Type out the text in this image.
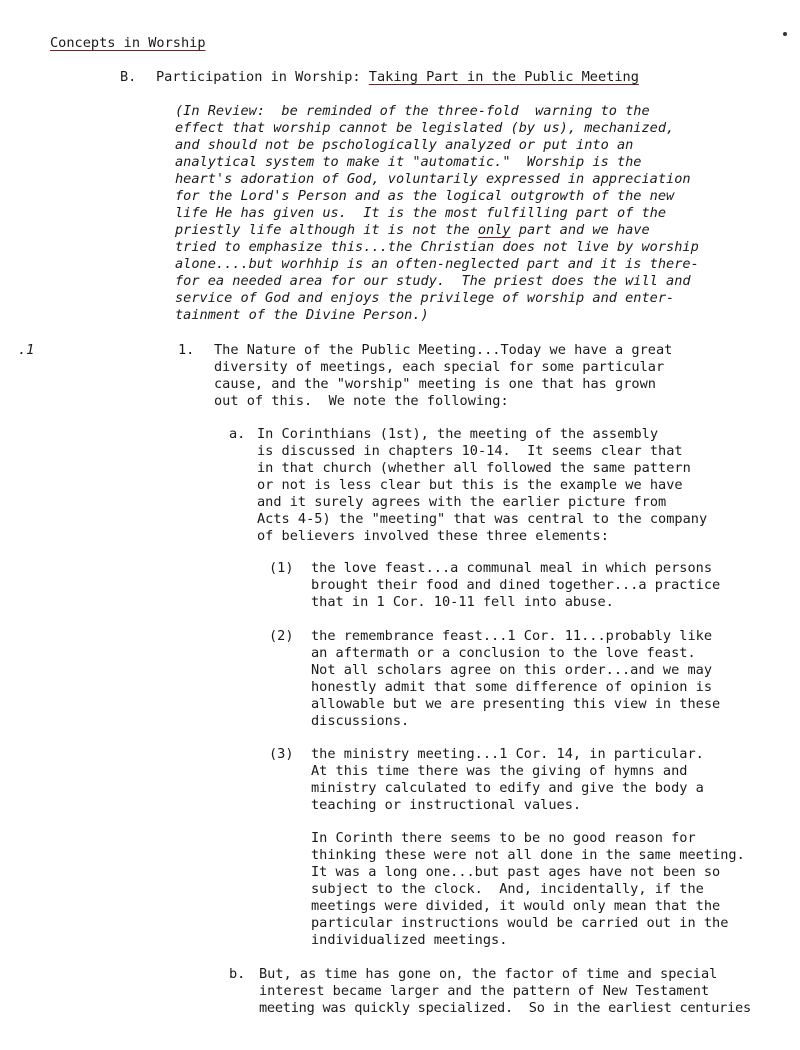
Concepts in Worship
B. Participation in Worship: Taking Part in the Public Meeting
(In Review:  be reminded of the three-fold  warning to the
effect that worship cannot be legislated (by us), mechanized,
and should not be pschologically analyzed or put into an
analytical system to make it "automatic."  Worship is the
heart's adoration of God, voluntarily expressed in appreciation
for the Lord's Person and as the logical outgrowth of the new
life He has given us.  It is the most fulfilling part of the
priestly life although it is not the only part and we have
tried to emphasize this...the Christian does not live by worship
alone....but worhhip is an often-neglected part and it is there-
for ea needed area for our study.  The priest does the will and
service of God and enjoys the privilege of worship and enter-
tainment of the Divine Person.)
.1	1. The Nature of the Public Meeting...Today we have a great
diversity of meetings, each special for some particular
cause, and the "worship" meeting is one that has grown
out of this.  We note the following:
a. In Corinthians (1st), the meeting of the assembly
is discussed in chapters 10-14.  It seems clear that
in that church (whether all followed the same pattern
or not is less clear but this is the example we have
and it surely agrees with the earlier picture from
Acts 4-5) the "meeting" that was central to the company
of believers involved these three elements:
(1) the love feast...a communal meal in which persons
brought their food and dined together...a practice
that in 1 Cor. 10-11 fell into abuse.
(2) the remembrance feast...1 Cor. 11...probably like
an aftermath or a conclusion to the love feast.
Not all scholars agree on this order...and we may
honestly admit that some difference of opinion is
allowable but we are presenting this view in these
discussions.
(3) the ministry meeting...1 Cor. 14, in particular.
At this time there was the giving of hymns and
ministry calculated to edify and give the body a
teaching or instructional values.
In Corinth there seems to be no good reason for
thinking these were not all done in the same meeting.
It was a long one...but past ages have not been so
subject to the clock.  And, incidentally, if the
meetings were divided, it would only mean that the
particular instructions would be carried out in the
individualized meetings.
b. But, as time has gone on, the factor of time and special
interest became larger and the pattern of New Testament
meeting was quickly specialized.  So in the earliest centuries
